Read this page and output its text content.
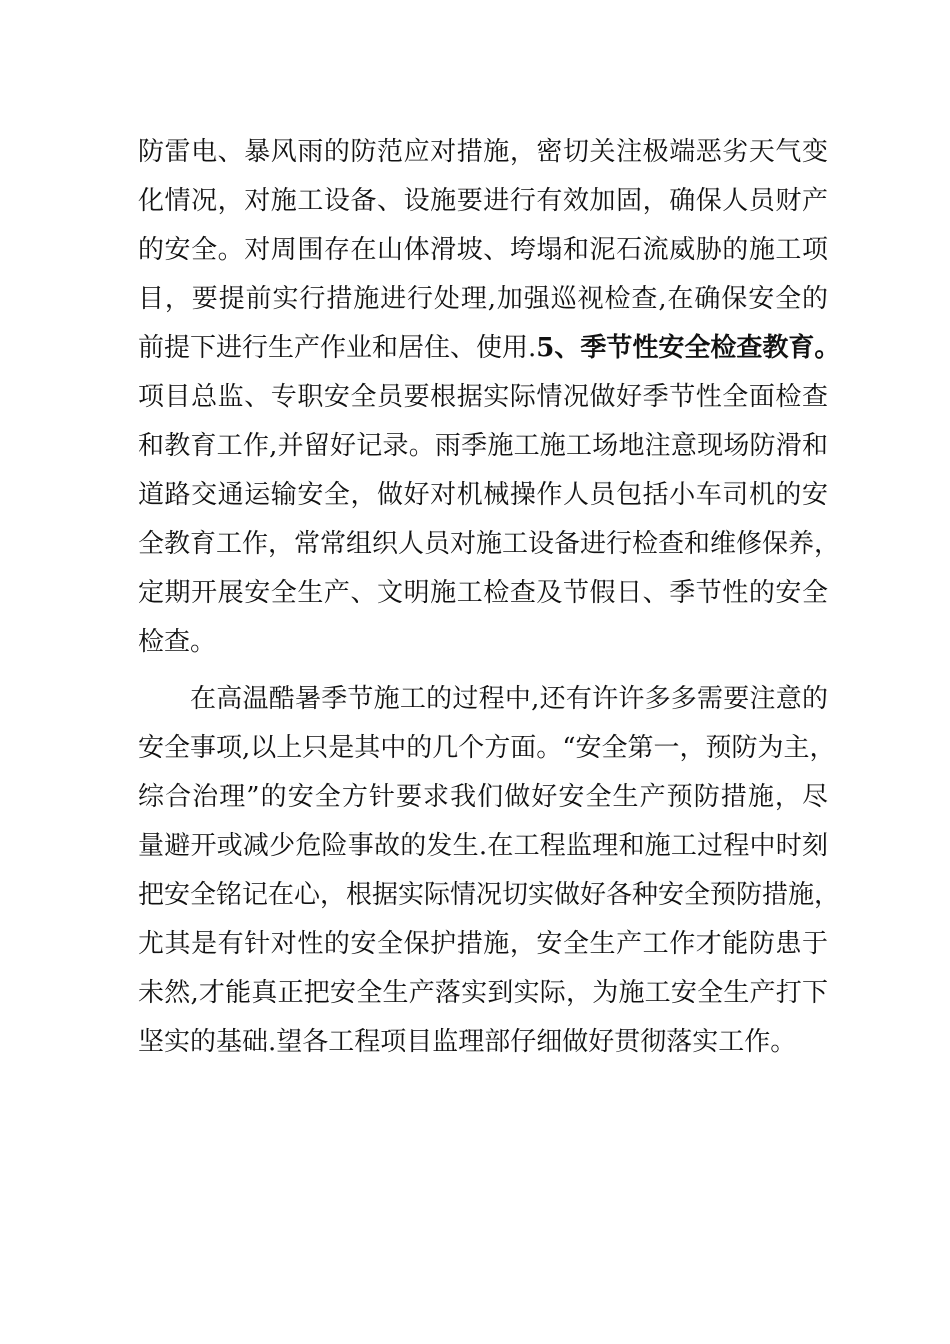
防雷电、暴风雨的防范应对措施，密切关注极端恶劣天气变
化情况，对施工设备、设施要进行有效加固，确保人员财产
的安全。对周围存在山体滑坡、垮塌和泥石流威胁的施工项
目，要提前实行措施进行处理,加强巡视检查,在确保安全的
前提下进行生产作业和居住、使用.5、季节性安全检查教育。
项目总监、专职安全员要根据实际情况做好季节性全面检查
和教育工作,并留好记录。雨季施工施工场地注意现场防滑和
道路交通运输安全，做好对机械操作人员包括小车司机的安
全教育工作，常常组织人员对施工设备进行检查和维修保养，
定期开展安全生产、文明施工检查及节假日、季节性的安全
检查。
在高温酷暑季节施工的过程中,还有许许多多需要注意的
安全事项,以上只是其中的几个方面。“安全第一，预防为主，
综合治理”的安全方针要求我们做好安全生产预防措施，尽
量避开或减少危险事故的发生.在工程监理和施工过程中时刻
把安全铭记在心，根据实际情况切实做好各种安全预防措施，
尤其是有针对性的安全保护措施，安全生产工作才能防患于
未然,才能真正把安全生产落实到实际，为施工安全生产打下
坚实的基础.望各工程项目监理部仔细做好贯彻落实工作。
